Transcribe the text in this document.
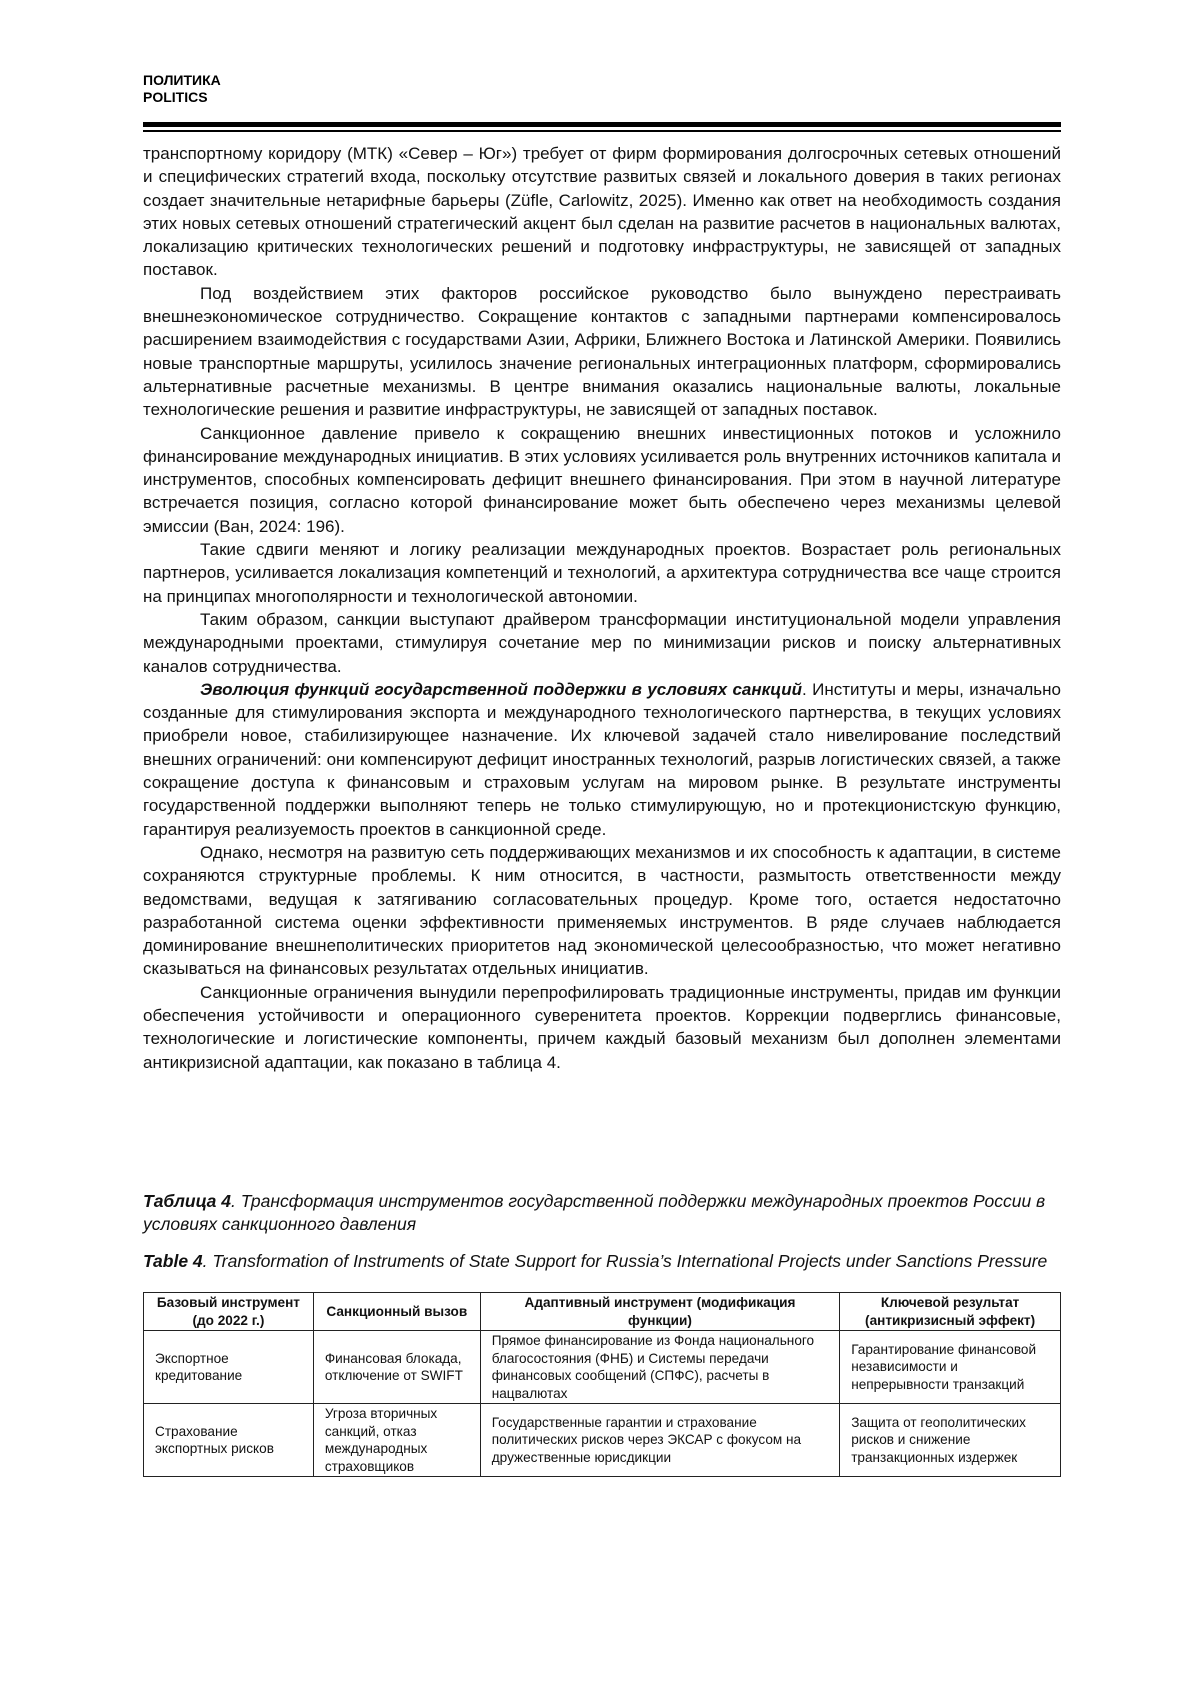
ПОЛИТИКА
POLITICS

транспортному коридору (МТК) «Север – Юг») требует от фирм формирования долгосрочных сетевых отношений и специфических стратегий входа, поскольку отсутствие развитых связей и локального доверия в таких регионах создает значительные нетарифные барьеры (Züfle, Carlowitz, 2025). Именно как ответ на необходимость создания этих новых сетевых отношений стратегический акцент был сделан на развитие расчетов в национальных валютах, локализацию критических технологических решений и подготовку инфраструктуры, не зависящей от западных поставок.

Под воздействием этих факторов российское руководство было вынуждено перестраивать внешнеэкономическое сотрудничество. Сокращение контактов с западными партнерами компенсировалось расширением взаимодействия с государствами Азии, Африки, Ближнего Востока и Латинской Америки. Появились новые транспортные маршруты, усилилось значение региональных интеграционных платформ, сформировались альтернативные расчетные механизмы. В центре внимания оказались национальные валюты, локальные технологические решения и развитие инфраструктуры, не зависящей от западных поставок.

Санкционное давление привело к сокращению внешних инвестиционных потоков и усложнило финансирование международных инициатив. В этих условиях усиливается роль внутренних источников капитала и инструментов, способных компенсировать дефицит внешнего финансирования. При этом в научной литературе встречается позиция, согласно которой финансирование может быть обеспечено через механизмы целевой эмиссии (Ван, 2024: 196).

Такие сдвиги меняют и логику реализации международных проектов. Возрастает роль региональных партнеров, усиливается локализация компетенций и технологий, а архитектура сотрудничества все чаще строится на принципах многополярности и технологической автономии.

Таким образом, санкции выступают драйвером трансформации институциональной модели управления международными проектами, стимулируя сочетание мер по минимизации рисков и поиску альтернативных каналов сотрудничества.

Эволюция функций государственной поддержки в условиях санкций. Институты и меры, изначально созданные для стимулирования экспорта и международного технологического партнерства, в текущих условиях приобрели новое, стабилизирующее назначение. Их ключевой задачей стало нивелирование последствий внешних ограничений: они компенсируют дефицит иностранных технологий, разрыв логистических связей, а также сокращение доступа к финансовым и страховым услугам на мировом рынке. В результате инструменты государственной поддержки выполняют теперь не только стимулирующую, но и протекционистскую функцию, гарантируя реализуемость проектов в санкционной среде.

Однако, несмотря на развитую сеть поддерживающих механизмов и их способность к адаптации, в системе сохраняются структурные проблемы. К ним относится, в частности, размытость ответственности между ведомствами, ведущая к затягиванию согласовательных процедур. Кроме того, остается недостаточно разработанной система оценки эффективности применяемых инструментов. В ряде случаев наблюдается доминирование внешнеполитических приоритетов над экономической целесообразностью, что может негативно сказываться на финансовых результатах отдельных инициатив.

Санкционные ограничения вынудили перепрофилировать традиционные инструменты, придав им функции обеспечения устойчивости и операционного суверенитета проектов. Коррекции подверглись финансовые, технологические и логистические компоненты, причем каждый базовый механизм был дополнен элементами антикризисной адаптации, как показано в таблица 4.

Таблица 4. Трансформация инструментов государственной поддержки международных проектов России в условиях санкционного давления
Table 4. Transformation of Instruments of State Support for Russia’s International Projects under Sanctions Pressure
Базовый инструмент (до 2022 г.)	Санкционный вызов	Адаптивный инструмент (модификация функции)	Ключевой результат (антикризисный эффект)
Экспортное кредитование	Финансовая блокада, отключение от SWIFT	Прямое финансирование из Фонда национального благосостояния (ФНБ) и Системы передачи финансовых сообщений (СПФС), расчеты в нацвалютах	Гарантирование финансовой независимости и непрерывности транзакций
Страхование экспортных рисков	Угроза вторичных санкций, отказ международных страховщиков	Государственные гарантии и страхование политических рисков через ЭКСАР с фокусом на дружественные юрисдикции	Защита от геополитических рисков и снижение транзакционных издержек
